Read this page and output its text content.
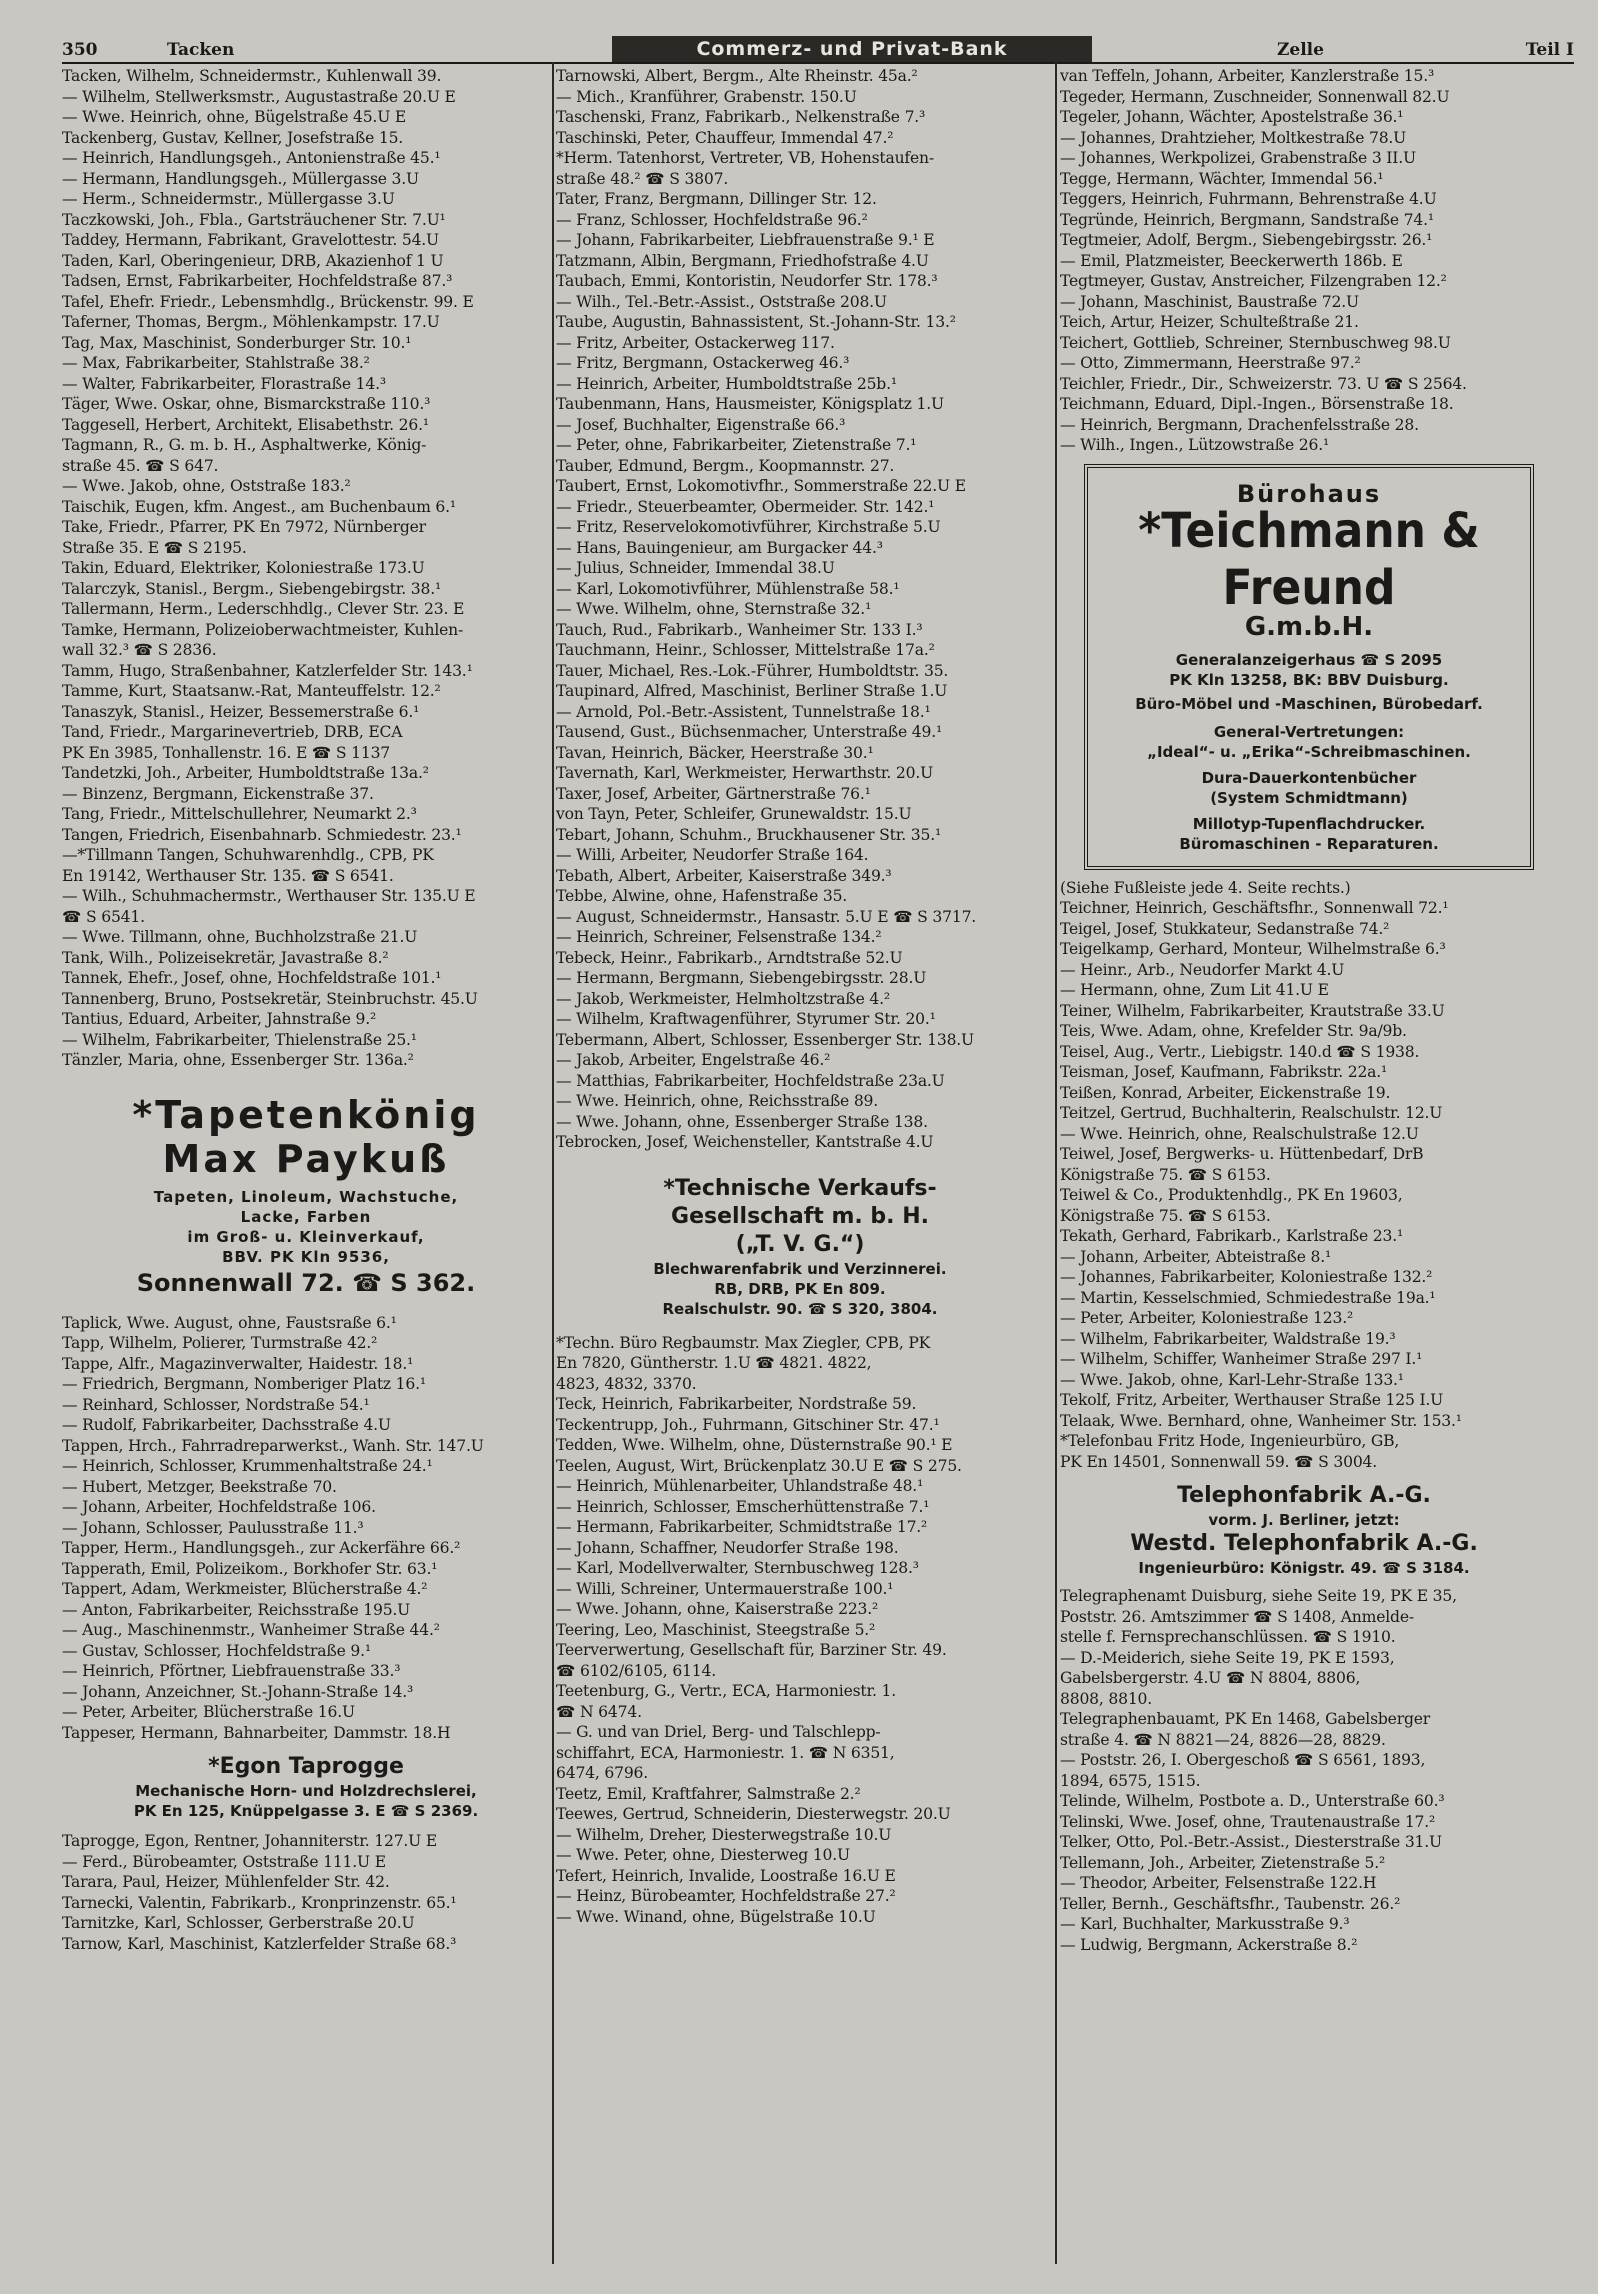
350	Tacken	Commerz- und Privat-Bank	Zelle	Teil I
Tacken, Wilhelm, Schneidermstr., Kuhlenwall 39.
— Wilhelm, Stellwerksmstr., Augustastraße 20.U E
— Wwe. Heinrich, ohne, Bügelstraße 45.U E
Tackenberg, Gustav, Kellner, Josefstraße 15.
— Heinrich, Handlungsgeh., Antonienstraße 45.¹
— Hermann, Handlungsgeh., Müllergasse 3.U
— Herm., Schneidermstr., Müllergasse 3.U
Taczkowski, Joh., Fbla., Gartsträuchener Str. 7.U¹
Taddey, Hermann, Fabrikant, Gravelottestr. 54.U
Taden, Karl, Oberingenieur, DRB, Akazienhof 1 U
Tadsen, Ernst, Fabrikarbeiter, Hochfeldstraße 87.³
Tafel, Ehefr. Friedr., Lebensmhdlg., Brückenstr. 99. E
Taferner, Thomas, Bergm., Möhlenkampstr. 17.U
Tag, Max, Maschinist, Sonderburger Str. 10.¹
— Max, Fabrikarbeiter, Stahlstraße 38.²
— Walter, Fabrikarbeiter, Florastraße 14.³
Täger, Wwe. Oskar, ohne, Bismarckstraße 110.³
Taggesell, Herbert, Architekt, Elisabethstr. 26.¹
Tagmann, R., G. m. b. H., Asphaltwerke, König-
straße 45. ☎ S 647.
— Wwe. Jakob, ohne, Oststraße 183.²
Taischik, Eugen, kfm. Angest., am Buchenbaum 6.¹
Take, Friedr., Pfarrer, PK En 7972, Nürnberger
Straße 35. E ☎ S 2195.
Takin, Eduard, Elektriker, Koloniestraße 173.U
Talarczyk, Stanisl., Bergm., Siebengebirgstr. 38.¹
Tallermann, Herm., Lederschhdlg., Clever Str. 23. E
Tamke, Hermann, Polizeioberwachtmeister, Kuhlen-
wall 32.³ ☎ S 2836.
Tamm, Hugo, Straßenbahner, Katzlerfelder Str. 143.¹
Tamme, Kurt, Staatsanw.-Rat, Manteuffelstr. 12.²
Tanaszyk, Stanisl., Heizer, Bessemerstraße 6.¹
Tand, Friedr., Margarinevertrieb, DRB, ECA
PK En 3985, Tonhallenstr. 16. E ☎ S 1137
Tandetzki, Joh., Arbeiter, Humboldtstraße 13a.²
— Binzenz, Bergmann, Eickenstraße 37.
Tang, Friedr., Mittelschullehrer, Neumarkt 2.³
Tangen, Friedrich, Eisenbahnarb. Schmiedestr. 23.¹
—*Tillmann Tangen, Schuhwarenhdlg., CPB, PK
En 19142, Werthauser Str. 135. ☎ S 6541.
— Wilh., Schuhmachermstr., Werthauser Str. 135.U E
☎ S 6541.
— Wwe. Tillmann, ohne, Buchholzstraße 21.U
Tank, Wilh., Polizeisekretär, Javastraße 8.²
Tannek, Ehefr., Josef, ohne, Hochfeldstraße 101.¹
Tannenberg, Bruno, Postsekretär, Steinbruchstr. 45.U
Tantius, Eduard, Arbeiter, Jahnstraße 9.²
— Wilhelm, Fabrikarbeiter, Thielenstraße 25.¹
Tänzler, Maria, ohne, Essenberger Str. 136a.²
*Tapetenkönig
Max Paykuß
Tapeten, Linoleum, Wachstuche,
Lacke, Farben
im Groß- u. Kleinverkauf,
BBV. PK Kln 9536,
Sonnenwall 72. ☎ S 362.
Taplick, Wwe. August, ohne, Faustsraße 6.¹
Tapp, Wilhelm, Polierer, Turmstraße 42.²
Tappe, Alfr., Magazinverwalter, Haidestr. 18.¹
— Friedrich, Bergmann, Nomberiger Platz 16.¹
— Reinhard, Schlosser, Nordstraße 54.¹
— Rudolf, Fabrikarbeiter, Dachsstraße 4.U
Tappen, Hrch., Fahrradreparwerkst., Wanh. Str. 147.U
— Heinrich, Schlosser, Krummenhaltstraße 24.¹
— Hubert, Metzger, Beekstraße 70.
— Johann, Arbeiter, Hochfeldstraße 106.
— Johann, Schlosser, Paulusstraße 11.³
Tapper, Herm., Handlungsgeh., zur Ackerfähre 66.²
Tapperath, Emil, Polizeikom., Borkhofer Str. 63.¹
Tappert, Adam, Werkmeister, Blücherstraße 4.²
— Anton, Fabrikarbeiter, Reichsstraße 195.U
— Aug., Maschinenmstr., Wanheimer Straße 44.²
— Gustav, Schlosser, Hochfeldstraße 9.¹
— Heinrich, Pförtner, Liebfrauenstraße 33.³
— Johann, Anzeichner, St.-Johann-Straße 14.³
— Peter, Arbeiter, Blücherstraße 16.U
Tappeser, Hermann, Bahnarbeiter, Dammstr. 18.H
*Egon Taprogge
Mechanische Horn- und Holzdrechslerei,
PK En 125, Knüppelgasse 3. E ☎ S 2369.
Taprogge, Egon, Rentner, Johanniterstr. 127.U E
— Ferd., Bürobeamter, Oststraße 111.U E
Tarara, Paul, Heizer, Mühlenfelder Str. 42.
Tarnecki, Valentin, Fabrikarb., Kronprinzenstr. 65.¹
Tarnitzke, Karl, Schlosser, Gerberstraße 20.U
Tarnow, Karl, Maschinist, Katzlerfelder Straße 68.³
Tarnowski, Albert, Bergm., Alte Rheinstr. 45a.²
— Mich., Kranführer, Grabenstr. 150.U
Taschenski, Franz, Fabrikarb., Nelkenstraße 7.³
Taschinski, Peter, Chauffeur, Immendal 47.²
*Herm. Tatenhorst, Vertreter, VB, Hohenstaufen-
straße 48.² ☎ S 3807.
Tater, Franz, Bergmann, Dillinger Str. 12.
— Franz, Schlosser, Hochfeldstraße 96.²
— Johann, Fabrikarbeiter, Liebfrauenstraße 9.¹ E
Tatzmann, Albin, Bergmann, Friedhofstraße 4.U
Taubach, Emmi, Kontoristin, Neudorfer Str. 178.³
— Wilh., Tel.-Betr.-Assist., Oststraße 208.U
Taube, Augustin, Bahnassistent, St.-Johann-Str. 13.²
— Fritz, Arbeiter, Ostackerweg 117.
— Fritz, Bergmann, Ostackerweg 46.³
— Heinrich, Arbeiter, Humboldtstraße 25b.¹
Taubenmann, Hans, Hausmeister, Königsplatz 1.U
— Josef, Buchhalter, Eigenstraße 66.³
— Peter, ohne, Fabrikarbeiter, Zietenstraße 7.¹
Tauber, Edmund, Bergm., Koopmannstr. 27.
Taubert, Ernst, Lokomotivfhr., Sommerstraße 22.U E
— Friedr., Steuerbeamter, Obermeider. Str. 142.¹
— Fritz, Reservelokomotivführer, Kirchstraße 5.U
— Hans, Bauingenieur, am Burgacker 44.³
— Julius, Schneider, Immendal 38.U
— Karl, Lokomotivführer, Mühlenstraße 58.¹
— Wwe. Wilhelm, ohne, Sternstraße 32.¹
Tauch, Rud., Fabrikarb., Wanheimer Str. 133 I.³
Tauchmann, Heinr., Schlosser, Mittelstraße 17a.²
Tauer, Michael, Res.-Lok.-Führer, Humboldtstr. 35.
Taupinard, Alfred, Maschinist, Berliner Straße 1.U
— Arnold, Pol.-Betr.-Assistent, Tunnelstraße 18.¹
Tausend, Gust., Büchsenmacher, Unterstraße 49.¹
Tavan, Heinrich, Bäcker, Heerstraße 30.¹
Tavernath, Karl, Werkmeister, Herwarthstr. 20.U
Taxer, Josef, Arbeiter, Gärtnerstraße 76.¹
von Tayn, Peter, Schleifer, Grunewaldstr. 15.U
Tebart, Johann, Schuhm., Bruckhausener Str. 35.¹
— Willi, Arbeiter, Neudorfer Straße 164.
Tebath, Albert, Arbeiter, Kaiserstraße 349.³
Tebbe, Alwine, ohne, Hafenstraße 35.
— August, Schneidermstr., Hansastr. 5.U E ☎ S 3717.
— Heinrich, Schreiner, Felsenstraße 134.²
Tebeck, Heinr., Fabrikarb., Arndtstraße 52.U
— Hermann, Bergmann, Siebengebirgsstr. 28.U
— Jakob, Werkmeister, Helmholtzstraße 4.²
— Wilhelm, Kraftwagenführer, Styrumer Str. 20.¹
Tebermann, Albert, Schlosser, Essenberger Str. 138.U
— Jakob, Arbeiter, Engelstraße 46.²
— Matthias, Fabrikarbeiter, Hochfeldstraße 23a.U
— Wwe. Heinrich, ohne, Reichsstraße 89.
— Wwe. Johann, ohne, Essenberger Straße 138.
Tebrocken, Josef, Weichensteller, Kantstraße 4.U
*Technische Verkaufs-
Gesellschaft m. b. H.
(„T. V. G.“)
Blechwarenfabrik und Verzinnerei.
RB, DRB, PK En 809.
Realschulstr. 90. ☎ S 320, 3804.
*Techn. Büro Regbaumstr. Max Ziegler, CPB, PK
En 7820, Güntherstr. 1.U ☎ 4821. 4822,
4823, 4832, 3370.
Teck, Heinrich, Fabrikarbeiter, Nordstraße 59.
Teckentrupp, Joh., Fuhrmann, Gitschiner Str. 47.¹
Tedden, Wwe. Wilhelm, ohne, Düsternstraße 90.¹ E
Teelen, August, Wirt, Brückenplatz 30.U E ☎ S 275.
— Heinrich, Mühlenarbeiter, Uhlandstraße 48.¹
— Heinrich, Schlosser, Emscherhüttenstraße 7.¹
— Hermann, Fabrikarbeiter, Schmidtstraße 17.²
— Johann, Schaffner, Neudorfer Straße 198.
— Karl, Modellverwalter, Sternbuschweg 128.³
— Willi, Schreiner, Untermauerstraße 100.¹
— Wwe. Johann, ohne, Kaiserstraße 223.²
Teering, Leo, Maschinist, Steegstraße 5.²
Teerverwertung, Gesellschaft für, Barziner Str. 49.
☎ 6102/6105, 6114.
Teetenburg, G., Vertr., ECA, Harmoniestr. 1.
☎ N 6474.
— G. und van Driel, Berg- und Talschlepp-
schiffahrt, ECA, Harmoniestr. 1. ☎ N 6351,
6474, 6796.
Teetz, Emil, Kraftfahrer, Salmstraße 2.²
Teewes, Gertrud, Schneiderin, Diesterwegstr. 20.U
— Wilhelm, Dreher, Diesterwegstraße 10.U
— Wwe. Peter, ohne, Diesterweg 10.U
Tefert, Heinrich, Invalide, Loostraße 16.U E
— Heinz, Bürobeamter, Hochfeldstraße 27.²
— Wwe. Winand, ohne, Bügelstraße 10.U
van Teffeln, Johann, Arbeiter, Kanzlerstraße 15.³
Tegeder, Hermann, Zuschneider, Sonnenwall 82.U
Tegeler, Johann, Wächter, Apostelstraße 36.¹
— Johannes, Drahtzieher, Moltkestraße 78.U
— Johannes, Werkpolizei, Grabenstraße 3 II.U
Tegge, Hermann, Wächter, Immendal 56.¹
Teggers, Heinrich, Fuhrmann, Behrenstraße 4.U
Tegründe, Heinrich, Bergmann, Sandstraße 74.¹
Tegtmeier, Adolf, Bergm., Siebengebirgsstr. 26.¹
— Emil, Platzmeister, Beeckerwerth 186b. E
Tegtmeyer, Gustav, Anstreicher, Filzengraben 12.²
— Johann, Maschinist, Baustraße 72.U
Teich, Artur, Heizer, Schulteßtraße 21.
Teichert, Gottlieb, Schreiner, Sternbuschweg 98.U
— Otto, Zimmermann, Heerstraße 97.²
Teichler, Friedr., Dir., Schweizerstr. 73. U ☎ S 2564.
Teichmann, Eduard, Dipl.-Ingen., Börsenstraße 18.
— Heinrich, Bergmann, Drachenfelsstraße 28.
— Wilh., Ingen., Lützowstraße 26.¹
Bürohaus
*Teichmann & Freund
G.m.b.H.
Generalanzeigerhaus ☎ S 2095
PK Kln 13258, BK: BBV Duisburg.
Büro-Möbel und -Maschinen, Bürobedarf.
General-Vertretungen:
„Ideal“- u. „Erika“-Schreibmaschinen.
Dura-Dauerkontenbücher
(System Schmidtmann)
Millotyp-Tupenflachdrucker.
Büromaschinen - Reparaturen.
(Siehe Fußleiste jede 4. Seite rechts.)
Teichner, Heinrich, Geschäftsfhr., Sonnenwall 72.¹
Teigel, Josef, Stukkateur, Sedanstraße 74.²
Teigelkamp, Gerhard, Monteur, Wilhelmstraße 6.³
— Heinr., Arb., Neudorfer Markt 4.U
— Hermann, ohne, Zum Lit 41.U E
Teiner, Wilhelm, Fabrikarbeiter, Krautstraße 33.U
Teis, Wwe. Adam, ohne, Krefelder Str. 9a/9b.
Teisel, Aug., Vertr., Liebigstr. 140.d ☎ S 1938.
Teisman, Josef, Kaufmann, Fabrikstr. 22a.¹
Teißen, Konrad, Arbeiter, Eickenstraße 19.
Teitzel, Gertrud, Buchhalterin, Realschulstr. 12.U
— Wwe. Heinrich, ohne, Realschulstraße 12.U
Teiwel, Josef, Bergwerks- u. Hüttenbedarf, DrB
Königstraße 75. ☎ S 6153.
Teiwel & Co., Produktenhdlg., PK En 19603,
Königstraße 75. ☎ S 6153.
Tekath, Gerhard, Fabrikarb., Karlstraße 23.¹
— Johann, Arbeiter, Abteistraße 8.¹
— Johannes, Fabrikarbeiter, Koloniestraße 132.²
— Martin, Kesselschmied, Schmiedestraße 19a.¹
— Peter, Arbeiter, Koloniestraße 123.²
— Wilhelm, Fabrikarbeiter, Waldstraße 19.³
— Wilhelm, Schiffer, Wanheimer Straße 297 I.¹
— Wwe. Jakob, ohne, Karl-Lehr-Straße 133.¹
Tekolf, Fritz, Arbeiter, Werthauser Straße 125 I.U
Telaak, Wwe. Bernhard, ohne, Wanheimer Str. 153.¹
*Telefonbau Fritz Hode, Ingenieurbüro, GB,
PK En 14501, Sonnenwall 59. ☎ S 3004.
Telephonfabrik A.-G.
vorm. J. Berliner, jetzt:
Westd. Telephonfabrik A.-G.
Ingenieurbüro: Königstr. 49. ☎ S 3184.
Telegraphenamt Duisburg, siehe Seite 19, PK E 35,
Poststr. 26. Amtszimmer ☎ S 1408, Anmelde-
stelle f. Fernsprechanschlüssen. ☎ S 1910.
— D.-Meiderich, siehe Seite 19, PK E 1593,
Gabelsbergerstr. 4.U ☎ N 8804, 8806,
8808, 8810.
Telegraphenbauamt, PK En 1468, Gabelsberger
straße 4. ☎ N 8821—24, 8826—28, 8829.
— Poststr. 26, I. Obergeschoß ☎ S 6561, 1893,
1894, 6575, 1515.
Telinde, Wilhelm, Postbote a. D., Unterstraße 60.³
Telinski, Wwe. Josef, ohne, Trautenaustraße 17.²
Telker, Otto, Pol.-Betr.-Assist., Diesterstraße 31.U
Tellemann, Joh., Arbeiter, Zietenstraße 5.²
— Theodor, Arbeiter, Felsenstraße 122.H
Teller, Bernh., Geschäftsfhr., Taubenstr. 26.²
— Karl, Buchhalter, Markusstraße 9.³
— Ludwig, Bergmann, Ackerstraße 8.²
